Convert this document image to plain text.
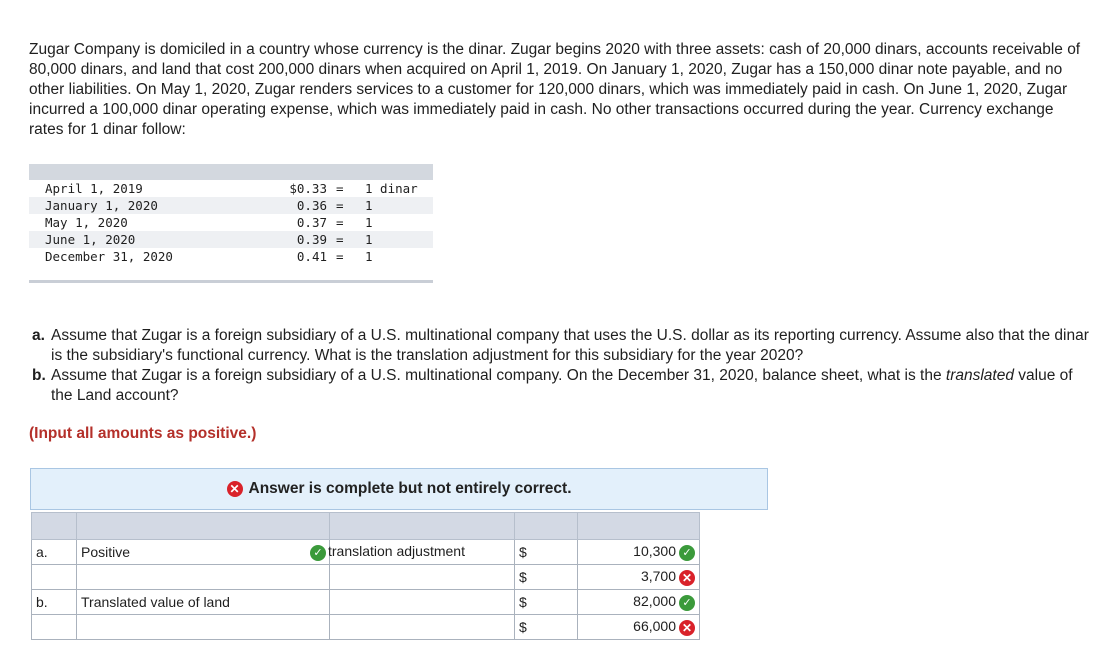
Zugar Company is domiciled in a country whose currency is the dinar. Zugar begins 2020 with three assets: cash of 20,000 dinars, accounts receivable of 80,000 dinars, and land that cost 200,000 dinars when acquired on April 1, 2019. On January 1, 2020, Zugar has a 150,000 dinar note payable, and no other liabilities. On May 1, 2020, Zugar renders services to a customer for 120,000 dinars, which was immediately paid in cash. On June 1, 2020, Zugar incurred a 100,000 dinar operating expense, which was immediately paid in cash. No other transactions occurred during the year. Currency exchange rates for 1 dinar follow:
April 1, 2019	$0.33 = 1 dinar
January 1, 2020	0.36 = 1
May 1, 2020	0.37 = 1
June 1, 2020	0.39 = 1
December 31, 2020	0.41 = 1
a. Assume that Zugar is a foreign subsidiary of a U.S. multinational company that uses the U.S. dollar as its reporting currency. Assume also that the dinar is the subsidiary's functional currency. What is the translation adjustment for this subsidiary for the year 2020?
b. Assume that Zugar is a foreign subsidiary of a U.S. multinational company. On the December 31, 2020, balance sheet, what is the translated value of the Land account?
(Input all amounts as positive.)
✕ Answer is complete but not entirely correct.

a.	Positive	✓ translation adjustment	$	10,300 ✓
			$	3,700 ✕
b.	Translated value of land		$	82,000 ✓
			$	66,000 ✕
